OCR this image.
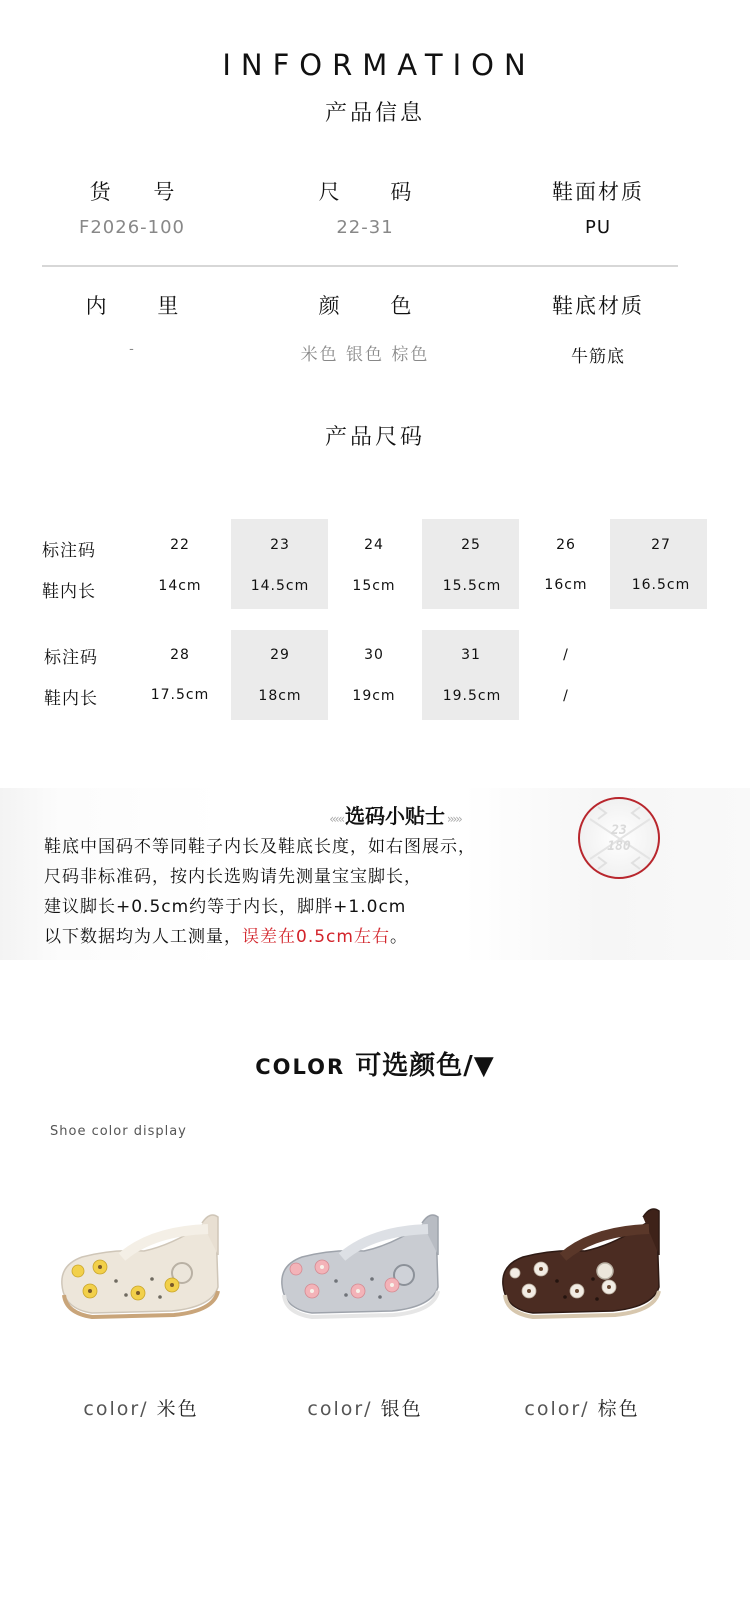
INFORMATION
产品信息
货 号
F2026-100
尺 码
22-31
鞋面材质
PU
内 里
-
颜 色
米色 银色 棕色
鞋底材质
牛筋底
产品尺码
标注码
鞋内长
22	23	24	25	26	27
14cm	14.5cm	15cm	15.5cm	16cm	16.5cm
标注码
鞋内长
28	29	30	31	/
17.5cm	18cm	19cm	19.5cm	/
‹‹‹‹‹ 选码小贴士 ›››››
鞋底中国码不等同鞋子内长及鞋底长度，如右图展示，
尺码非标准码，按内长选购请先测量宝宝脚长，
建议脚长+0.5cm约等于内长，脚胖+1.0cm
以下数据均为人工测量，误差在0.5cm左右。
23
180
COLOR 可选颜色/▼
Shoe color display
color/ 米色	color/ 银色	color/ 棕色
